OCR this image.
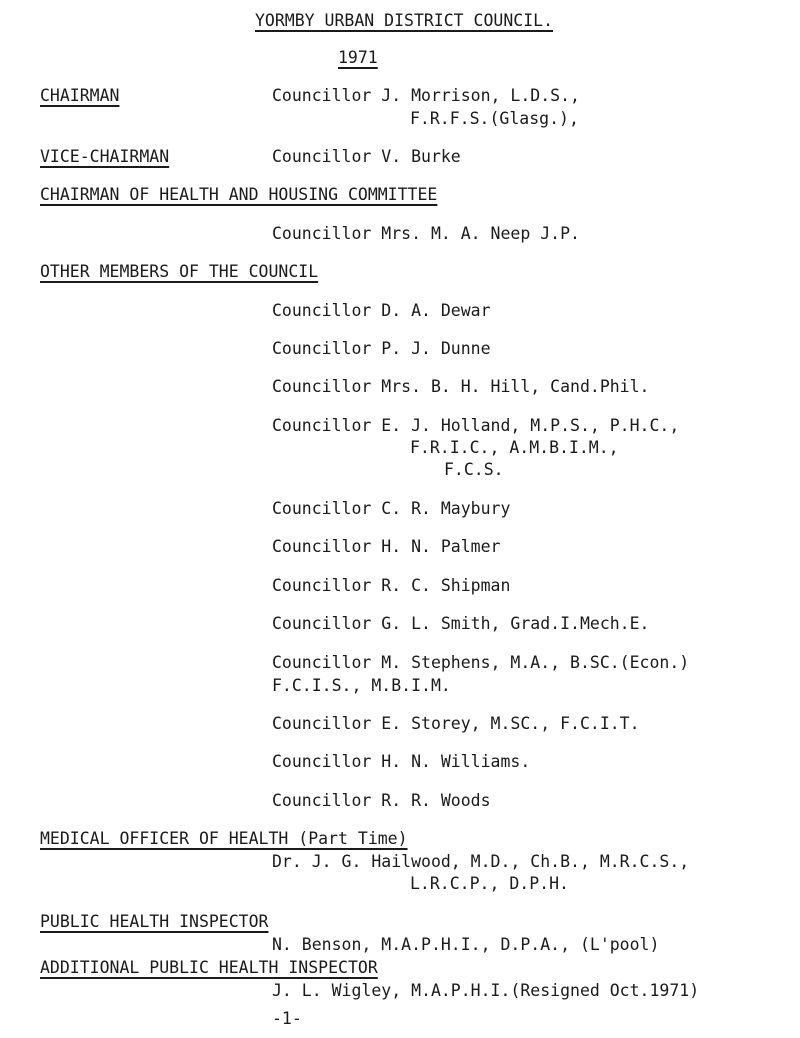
YORMBY URBAN DISTRICT COUNCIL.
1971
CHAIRMAN	Councillor J. Morrison, L.D.S.,
F.R.F.S.(Glasg.),
VICE-CHAIRMAN	Councillor V. Burke
CHAIRMAN OF HEALTH AND HOUSING COMMITTEE
Councillor Mrs. M. A. Neep J.P.
OTHER MEMBERS OF THE COUNCIL
Councillor D. A. Dewar
Councillor P. J. Dunne
Councillor Mrs. B. H. Hill, Cand.Phil.
Councillor E. J. Holland, M.P.S., P.H.C.,
F.R.I.C., A.M.B.I.M.,
F.C.S.
Councillor C. R. Maybury
Councillor H. N. Palmer
Councillor R. C. Shipman
Councillor G. L. Smith, Grad.I.Mech.E.
Councillor M. Stephens, M.A., B.SC.(Econ.)
F.C.I.S., M.B.I.M.
Councillor E. Storey, M.SC., F.C.I.T.
Councillor H. N. Williams.
Councillor R. R. Woods
MEDICAL OFFICER OF HEALTH (Part Time)
Dr. J. G. Hailwood, M.D., Ch.B., M.R.C.S.,
L.R.C.P., D.P.H.
PUBLIC HEALTH INSPECTOR
N. Benson, M.A.P.H.I., D.P.A., (L'pool)
ADDITIONAL PUBLIC HEALTH INSPECTOR
J. L. Wigley, M.A.P.H.I.(Resigned Oct.1971)
-1-
